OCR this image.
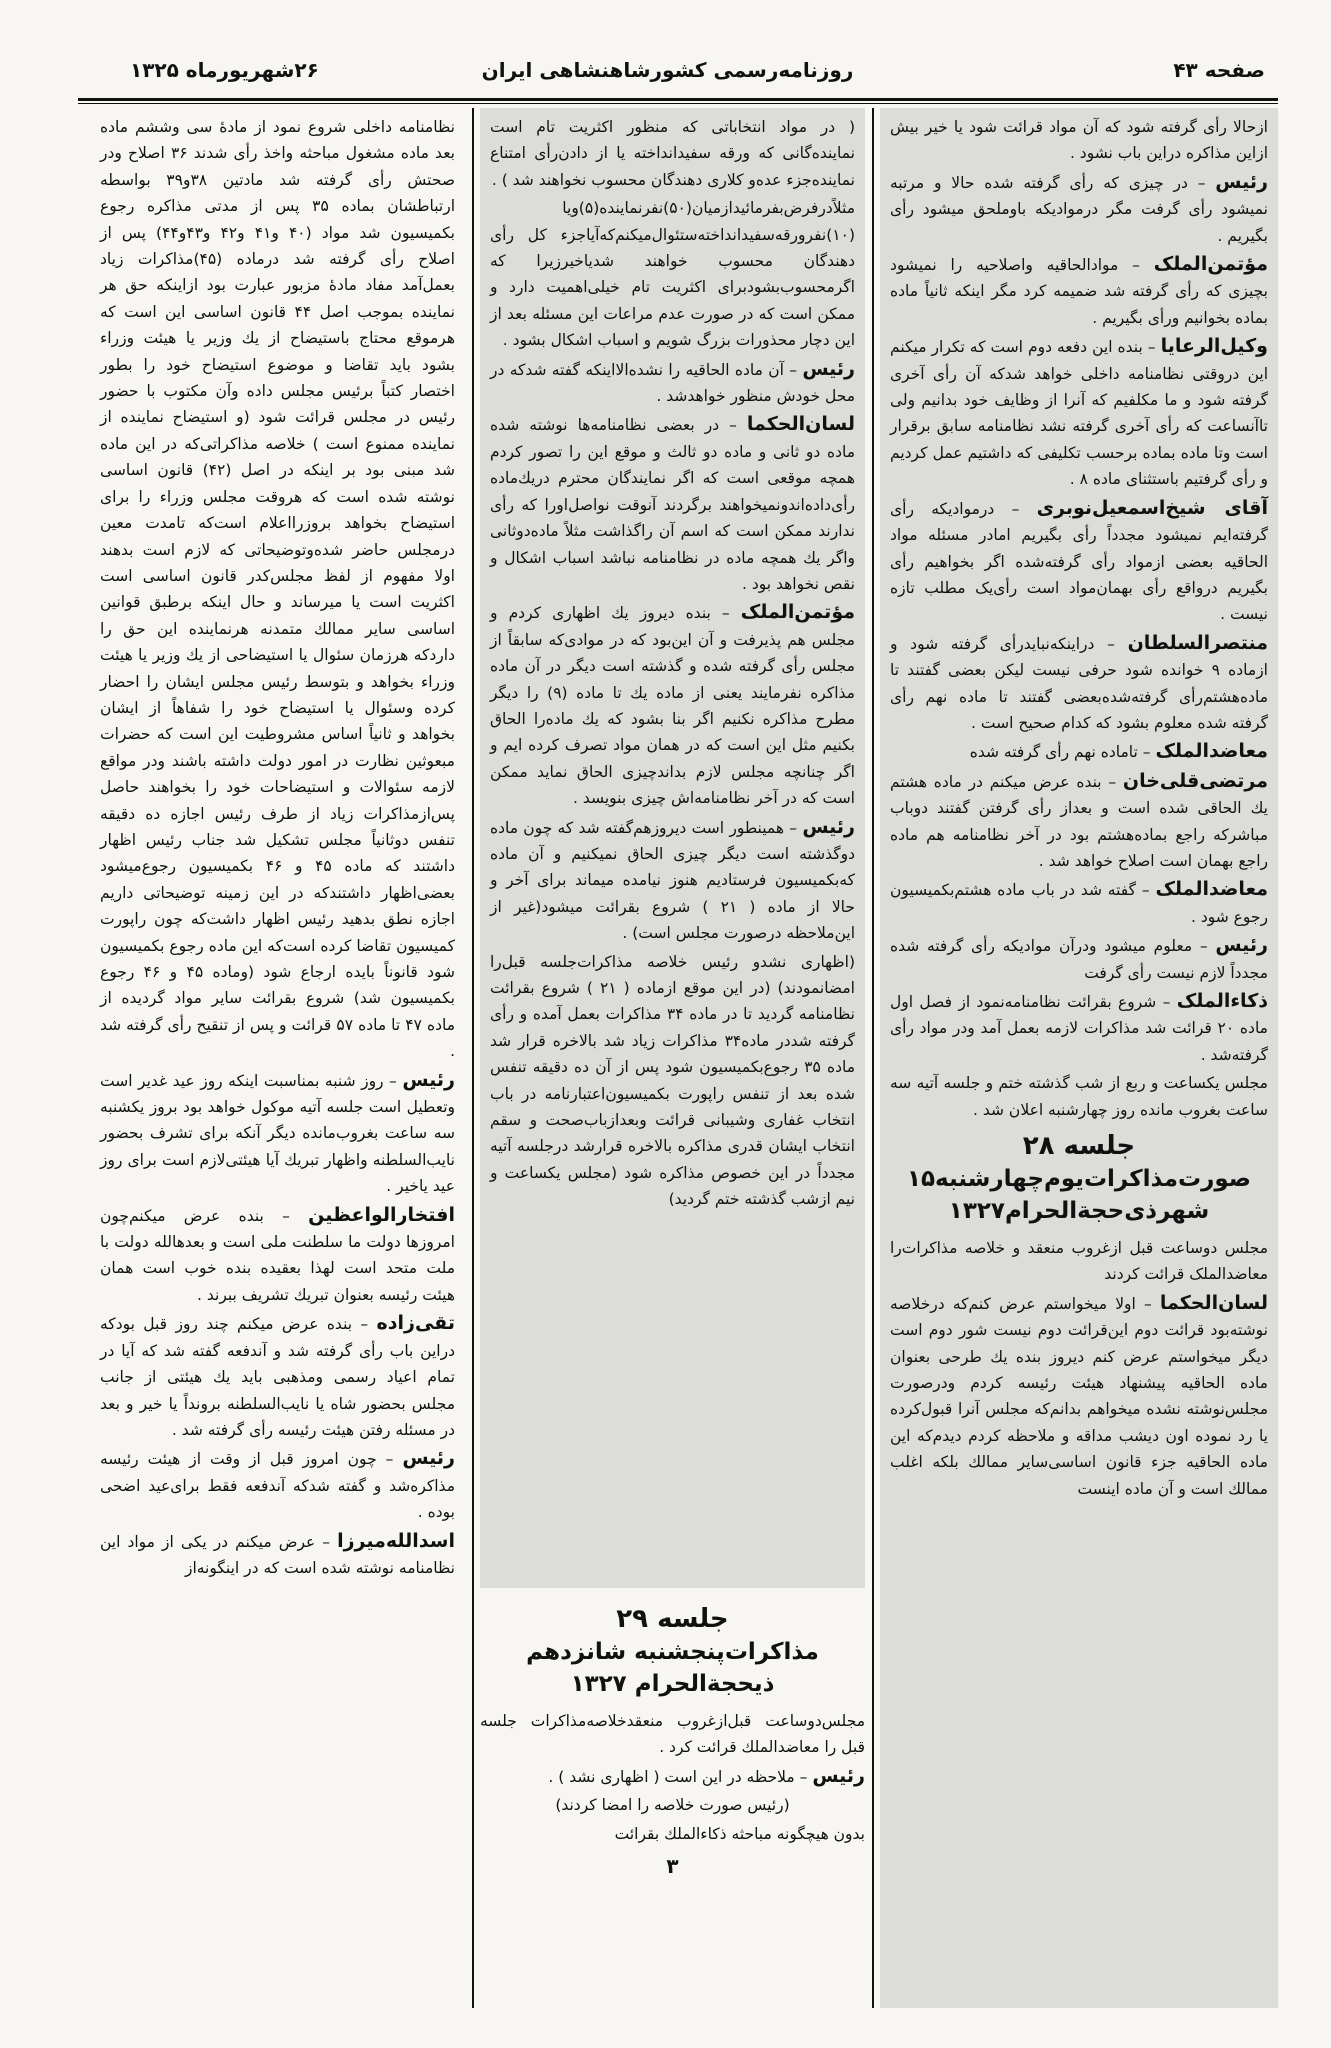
صفحه ۴۳
روزنامه‌رسمی کشورشاهنشاهی ایران
۲۶شهریورماه ۱۳۲۵

ازحالا رأی گرفته شود که آن مواد قرائت شود یا خیر بیش ازاین مذاکره دراین باب نشود .

رئیس – در چیزی که رأی گرفته شده حالا و مرتبه نمیشود رأی گرفت مگر درموادیکه باوملحق میشود رأی بگیریم .

مؤتمن‌الملک – موادالحاقیه واصلاحیه را نمیشود بچیزی که رأی گرفته شد ضمیمه کرد مگر اینکه ثانیاً ماده بماده بخوانیم ورأی بگیریم .

وکیل‌الرعایا – بنده این دفعه دوم است که تکرار میکنم این دروقتی نظامنامه داخلی خواهد شدکه آن رأی آخری گرفته شود و ما مکلفیم که آنرا از وظایف خود بدانیم ولی تاآنساعت که رأی آخری گرفته نشد نظامنامه سابق برقرار است وتا ماده بماده برحسب تکلیفی که داشتیم عمل کردیم و رأی گرفتیم باستثنای ماده ۸ .

آقای شیخ‌اسمعیل‌نوبری – درموادیکه رأی گرفته‌ایم نمیشود مجدداً رأی بگیریم امادر مسئله مواد الحاقیه بعضی ازمواد رأی گرفته‌شده اگر بخواهیم رأی بگیریم درواقع رأی بهمان‌مواد است رأی‌یک مطلب تازه نیست .

منتصرالسلطان – دراینکه‌نبایدرأی گرفته شود و ازماده ۹ خوانده شود حرفی نیست لیکن بعضی گفتند تا ماده‌هشتم‌رأی گرفته‌شده‌بعضی گفتند تا ماده نهم رأی گرفته شده معلوم بشود که کدام صحیح است .

معاضدالملک – تاماده نهم رأی گرفته شده

مرتضی‌قلی‌خان – بنده عرض میکنم در ماده هشتم یك الحاقی شده است و بعداز رأی گرفتن گفتند دوباب مباشرکه راجع بماده‌هشتم بود در آخر نظامنامه هم ماده راجع بهمان است اصلاح خواهد شد .

معاضدالملک – گفته شد در باب ماده هشتم‌بکمیسیون رجوع شود .

رئیس – معلوم میشود ودرآن موادیکه رأی گرفته شده مجدداً لازم نیست رأی گرفت

ذکاءالملک – شروع بقرائت نظامنامه‌نمود از فصل اول ماده ۲۰ قرائت شد مذاکرات لازمه بعمل آمد ودر مواد رأی گرفته‌شد .

مجلس یکساعت و ربع از شب گذشته ختم و جلسه آتیه سه ساعت بغروب مانده روز چهارشنبه اعلان شد .

جلسه ۲۸
صورت‌مذاکرات‌یوم‌چهارشنبه۱۵
شهرذی‌حجةالحرام۱۳۲۷

مجلس دوساعت قبل ازغروب منعقد و خلاصه مذاکرات‌را معاضدالملک قرائت کردند

لسان‌الحکما – اولا میخواستم عرض کنم‌که درخلاصه نوشته‌بود قرائت دوم این‌قرائت دوم نیست شور دوم است دیگر میخواستم عرض کنم دیروز بنده یك طرحی بعنوان ماده الحاقیه پیشنهاد هیئت رئیسه کردم ودرصورت مجلس‌نوشته نشده میخواهم بدانم‌که مجلس آنرا قبول‌کرده یا رد نموده اون دیشب مداقه و ملاحظه کردم دیدم‌که این ماده الحاقیه جزء قانون اساسی‌سایر ممالك بلکه اغلب ممالك است و آن ماده اینست

( در مواد انتخاباتی که منظور اکثریت تام است نماینده‌گانی که ورقه سفیدانداخته یا از دادن‌رأی امتناع نماینده‌جزء عده‌و کلاری دهندگان محسوب نخواهند شد ) .

مثلاًدرفرض‌بفرمائیدازمیان(۵۰)نفرنماینده(۵)ویا (۱۰)نفرورقه‌سفیدانداخته‌ستئوال‌میکنم‌که‌آیاجزء کل رأی دهندگان محسوب خواهند شدیاخیرزیرا که اگرمحسوب‌بشودبرای اکثریت تام خیلی‌اهمیت دارد و ممکن است که در صورت عدم مراعات این مسئله بعد از این دچار محذورات بزرگ شویم و اسباب اشکال بشود .

رئیس – آن ماده الحاقیه را نشده‌الااینکه گفته شدکه در محل خودش منظور خواهدشد .

لسان‌الحکما – در بعضی نظامنامه‌ها نوشته شده ماده دو ثانی و ماده دو ثالث و موقع این را تصور کردم همچه موقعی است که اگر نمایندگان محترم دریك‌ماده رأی‌داده‌اندونمیخواهند برگردند آنوقت نواصل‌اورا که رأی ندارند ممکن است که اسم آن راگذاشت مثلاً ماده‌دوثانی واگر یك همچه ماده در نظامنامه نباشد اسباب اشکال و نقص نخواهد بود .

مؤتمن‌الملک – بنده دیروز یك اظهاری کردم و مجلس هم پذیرفت و آن این‌بود که در موادی‌که سابقاً از مجلس رأی گرفته شده و گذشته است دیگر در آن ماده مذاکره نفرمایند یعنی از ماده یك تا ماده (۹) را دیگر مطرح مذاکره نکنیم اگر بنا بشود که یك ماده‌را الحاق بکنیم مثل این است که در همان مواد تصرف کرده ایم و اگر چنانچه مجلس لازم بداند‌چیزی الحاق نماید ممکن است که در آخر نظامنامه‌اش چیزی بنویسد .

رئیس – همینطور است دیروزهم‌گفته شد که چون ماده دوگذشته است دیگر چیزی الحاق نمیکنیم و آن ماده که‌بکمیسیون فرستادیم هنوز نیامده میماند برای آخر و حالا از ماده ( ۲۱ ) شروع بقرائت میشود(غیر از این‌ملاحظه درصورت مجلس است) .

(اظهاری نشدو رئیس خلاصه مذاکرات‌جلسه قبل‌را امضانمودند) (در این موقع ازماده ( ۲۱ ) شروع بقرائت نظامنامه گردید تا در ماده ۳۴ مذاکرات بعمل آمده و رأی گرفته شددر ماده‌۳۴ مذاکرات زیاد شد بالاخره قرار شد ماده ۳۵ رجوع‌بکمیسیون شود پس از آن ده دقیقه تنفس شده بعد از تنفس راپورت بکمیسیون‌اعتبارنامه در باب انتخاب غفاری وشیبانی قرائت وبعدازباب‌صحت و سقم انتخاب ایشان قدری مذاکره بالاخره قرارشد درجلسه آتیه مجدداً در این خصوص مذاکره شود (مجلس یکساعت و نیم ازشب گذشته ختم گردید)

جلسه ۲۹
مذاکرات‌پنجشنبه شانزدهم
ذیحجةالحرام ۱۳۲۷

مجلس‌دوساعت قبل‌ازغروب منعقدخلاصه‌مذاکرات جلسه قبل را معاضدالملك قرائت کرد .

رئیس – ملاحظه در این است ( اظهاری نشد ) .

(رئیس صورت خلاصه را امضا کردند)

بدون هیچگونه مباحثه ذکاءالملك بقرائت

۳

نظامنامه داخلی شروع نمود از مادهٔ سی وششم ماده بعد ماده مشغول مباحثه واخذ رأی شدند ۳۶ اصلاح ودر صحتش رأی گرفته شد مادتین ۳۸و۳۹ بواسطه ارتباطشان بماده ۳۵ پس از مدتی مذاکره رجوع بکمیسیون شد مواد (۴۰ و۴۱ و۴۲ و۴۳و۴۴) پس از اصلاح رأی گرفته شد درماده (۴۵)مذاکرات زیاد بعمل‌آمد مفاد مادهٔ مزبور عبارت بود ازاینکه حق هر نماینده بموجب اصل ۴۴ قانون اساسی این است که هرموقع محتاج باستیضاح از یك وزیر یا هیئت وزراء بشود باید تقاضا و موضوع استیضاح خود را بطور اختصار کتباً برئیس مجلس داده وآن مکتوب با حضور رئیس در مجلس قرائت شود (و استیضاح نماینده از نماینده ممنوع است ) خلاصه مذاکراتی‌که در این ماده شد مبنی بود بر اینکه در اصل (۴۲) قانون اساسی نوشته شده است که هروقت مجلس وزراء را برای استیضاح بخواهد بروزرااعلام است‌که تامدت معین درمجلس حاضر شده‌وتوضیحاتی که لازم است بدهند اولا مفهوم از لفظ مجلس‌کدر قانون اساسی است اکثریت است یا میرساند و حال اینکه برطبق قوانین اساسی سایر ممالك متمدنه هرنماینده این حق را داردکه هرزمان سئوال یا استیضاحی از یك وزیر یا هیئت وزراء بخواهد و بتوسط رئیس مجلس ایشان را احضار کرده وسئوال یا استیضاح خود را شفاهاً از ایشان بخواهد و ثانیاً اساس مشروطیت این است که حضرات مبعوثین نظارت در امور دولت داشته باشند ودر مواقع لازمه سئوالات و استیضاحات خود را بخواهند حاصل پس‌ازمذاکرات زیاد از طرف رئیس اجازه ده دقیقه تنفس دوثانیاً مجلس تشکیل شد جناب رئیس اظهار داشتند که ماده ۴۵ و ۴۶ بکمیسیون رجوع‌میشود بعضی‌اظهار داشتندکه در این زمینه توضیحاتی داریم اجازه نطق بدهید رئیس اظهار داشت‌که چون راپورت کمیسیون تقاضا کرده است‌که این ماده رجوع بکمیسیون شود قانوناً بایده ارجاع شود (وماده ۴۵ و ۴۶ رجوع بکمیسیون شد) شروع بقرائت سایر مواد گردیده از ماده ۴۷ تا ماده ۵۷ قرائت و پس از تنقیح رأی گرفته شد .

رئیس – روز شنبه بمناسبت اینکه روز عید غدیر است وتعطیل است جلسه آتیه موکول خواهد بود بروز یکشنبه سه ساعت بغروب‌مانده دیگر آنکه برای تشرف بحضور نایب‌السلطنه واظهار تبریك آیا هیئتی‌لازم است برای روز عید یاخیر .

افتخارالواعظین – بنده عرض میکنم‌چون امروزها دولت ما سلطنت ملی است و بعدها‌لله دولت با ملت متحد است لهذا بعقیده بنده خوب است همان هیئت رئیسه بعنوان تبریك تشریف ببرند .

تقی‌زاده – بنده عرض میکنم چند روز قبل بودکه دراین باب رأی گرفته شد و آندفعه گفته شد که آیا در تمام اعیاد رسمی ومذهبی باید یك هیئتی از جانب مجلس بحضور شاه یا نایب‌السلطنه برونداً یا خیر و بعد در مسئله رفتن هیئت رئیسه رأی گرفته شد .

رئیس – چون امروز قبل از وقت از هیئت رئیسه مذاکره‌شد و گفته شدکه آندفعه فقط برای‌عید اضحی بوده .

اسدالله‌میرزا – عرض میکنم در یکی از مواد این نظامنامه نوشته شده است که در اینگونه‌از
